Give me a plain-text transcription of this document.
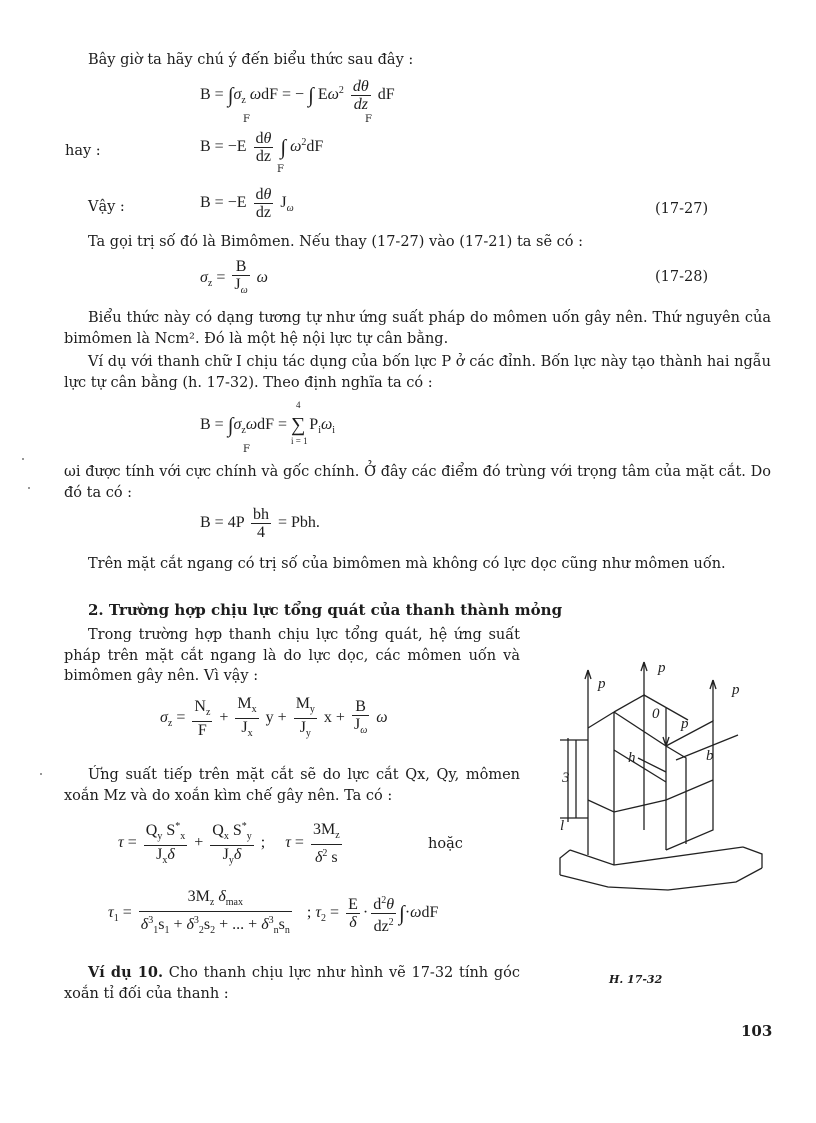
Bây giờ ta hãy chú ý đến biểu thức sau đây :
$B = \int\sigma_z$ ωdF = − ∫ $E\omega^2 \frac{d\theta}{dz}$ dF
F	F
hay :	$B = -E \frac{d\theta}{dz}$ ∫ $\omega^2dF$
F
Vậy :	$B = -E \frac{d\theta}{dz} J_\omega$	(17-27)
Ta gọi trị số đó là Bimômen. Nếu thay (17-27) vào (17-21) ta sẽ có :
$\sigma_z = \frac{B}{J_\omega}$ ω	(17-28)
Biểu thức này có dạng tương tự như ứng suất pháp do mômen uốn gây nên. Thứ nguyên của bimômen là Ncm². Đó là một hệ nội lực tự cân bằng.
Ví dụ với thanh chữ I chịu tác dụng của bốn lực P ở các đỉnh. Bốn lực này tạo thành hai ngẫu lực tự cân bằng (h. 17-32). Theo định nghĩa ta có :
$B = \int\sigma_z\omega dF$ =
4
∑
i = 1
$P_i\omega_i$
F
ωi được tính với cực chính và gốc chính. Ở đây các điểm đó trùng với trọng tâm của mặt cắt. Do đó ta có :
$B = 4P \frac{bh}{4}$ = Pbh.
Trên mặt cắt ngang có trị số của bimômen mà không có lực dọc cũng như mômen uốn.
2. Trường hợp chịu lực tổng quát của thanh thành mỏng
Trong trường hợp thanh chịu lực tổng quát, hệ ứng suất pháp trên mặt cắt ngang là do lực dọc, các mômen uốn và bimômen gây nên. Vì vậy :
$\sigma_z = \frac{N_z}{F} + \frac{M_x}{J_x}$ $y + \frac{M_y}{J_y}$ $x + \frac{B}{J_\omega}$ ω
Ứng suất tiếp trên mặt cắt sẽ do lực cắt Qx, Qy, mômen xoắn Mz và do xoắn kìm chế gây nên. Ta có :
$\tau = \frac{Q_y S^*_x}{J_x\delta} + \frac{Q_x S^*_y}{J_y\delta}$ ;     $\tau = \frac{3M_z}{\delta^2 s}$	hoặc
$\tau_1 = \frac{3M_z \delta_{max}}{\delta^3_1s_1 + \delta^3_2s_2 + ... + \delta^3_ns_n}$ ; $\tau_2 = \frac{E}{\delta} \cdot \frac{d^2\theta}{dz^2} \int\cdot\omega dF$
Ví dụ 10. Cho thanh chịu lực như hình vẽ 17-32 tính góc xoắn tỉ đối của thanh :
p
p
p
p
0
h	b
3
l
H. 17-32
103
